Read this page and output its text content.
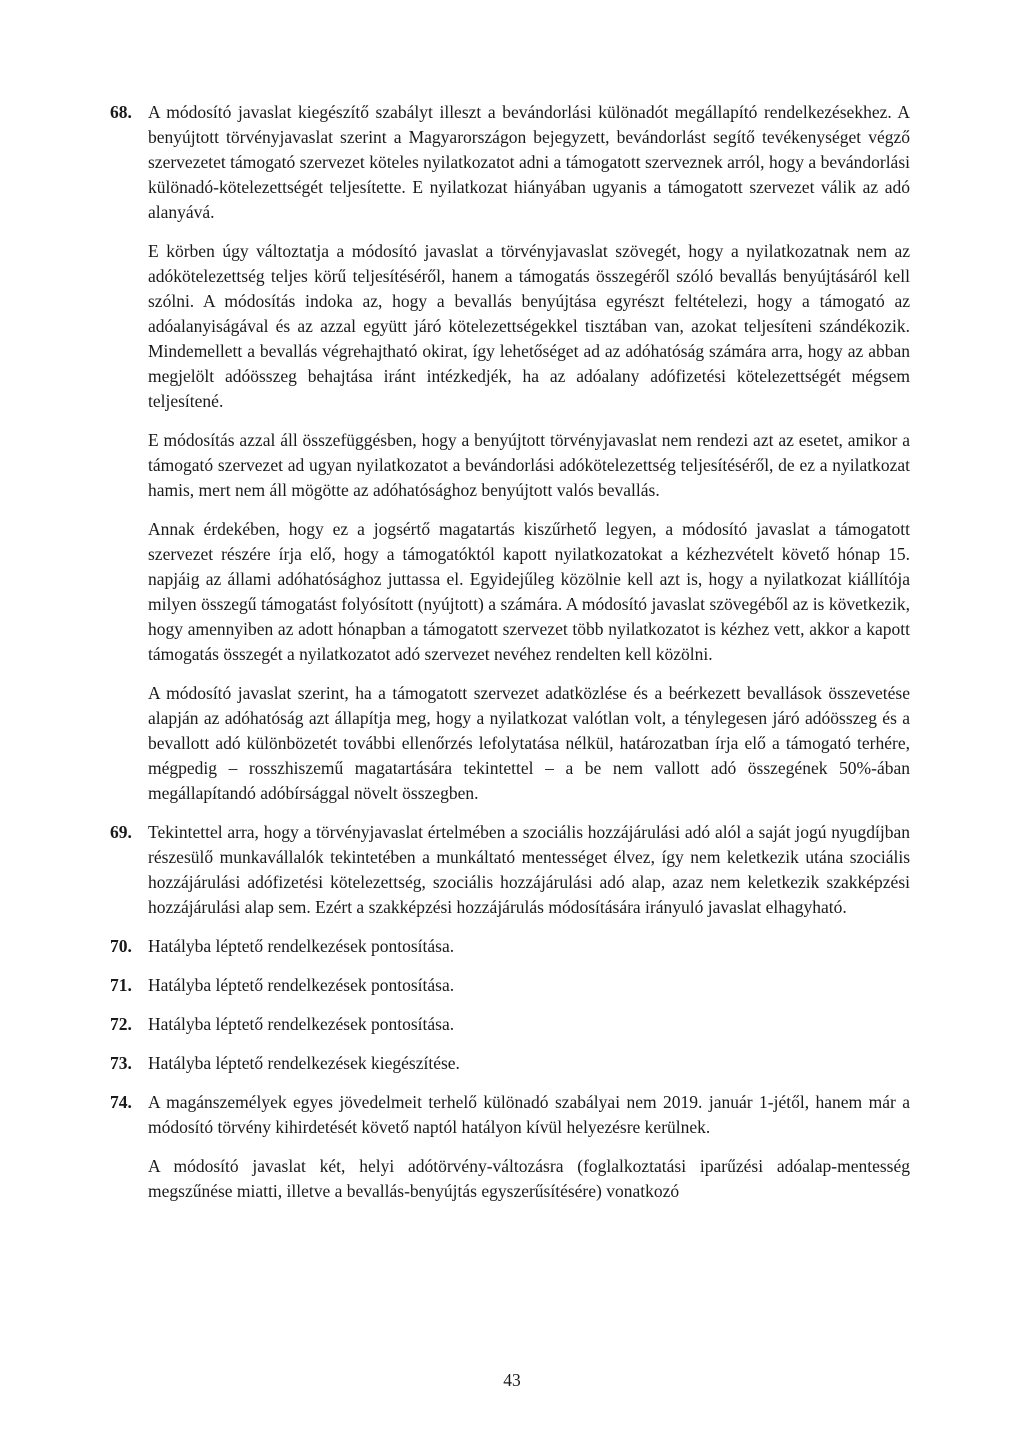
68. A módosító javaslat kiegészítő szabályt illeszt a bevándorlási különadót megállapító rendelkezésekhez. A benyújtott törvényjavaslat szerint a Magyarországon bejegyzett, bevándorlást segítő tevékenységet végző szervezetet támogató szervezet köteles nyilatkozatot adni a támogatott szerveznek arról, hogy a bevándorlási különadó-kötelezettségét teljesítette. E nyilatkozat hiányában ugyanis a támogatott szervezet válik az adó alanyává.

E körben úgy változtatja a módosító javaslat a törvényjavaslat szövegét, hogy a nyilatkozatnak nem az adókötelezettség teljes körű teljesítéséről, hanem a támogatás összegéről szóló bevallás benyújtásáról kell szólni. A módosítás indoka az, hogy a bevallás benyújtása egyrészt feltételezi, hogy a támogató az adóalanyiságával és az azzal együtt járó kötelezettségekkel tisztában van, azokat teljesíteni szándékozik. Mindemellett a bevallás végrehajtható okirat, így lehetőséget ad az adóhatóság számára arra, hogy az abban megjelölt adóösszeg behajtása iránt intézkedjék, ha az adóalany adófizetési kötelezettségét mégsem teljesítené.

E módosítás azzal áll összefüggésben, hogy a benyújtott törvényjavaslat nem rendezi azt az esetet, amikor a támogató szervezet ad ugyan nyilatkozatot a bevándorlási adókötelezettség teljesítéséről, de ez a nyilatkozat hamis, mert nem áll mögötte az adóhatósághoz benyújtott valós bevallás.

Annak érdekében, hogy ez a jogsértő magatartás kiszűrhető legyen, a módosító javaslat a támogatott szervezet részére írja elő, hogy a támogatóktól kapott nyilatkozatokat a kézhezvételt követő hónap 15. napjáig az állami adóhatósághoz juttassa el. Egyidejűleg közölnie kell azt is, hogy a nyilatkozat kiállítója milyen összegű támogatást folyósított (nyújtott) a számára. A módosító javaslat szövegéből az is következik, hogy amennyiben az adott hónapban a támogatott szervezet több nyilatkozatot is kézhez vett, akkor a kapott támogatás összegét a nyilatkozatot adó szervezet nevéhez rendelten kell közölni.

A módosító javaslat szerint, ha a támogatott szervezet adatközlése és a beérkezett bevallások összevetése alapján az adóhatóság azt állapítja meg, hogy a nyilatkozat valótlan volt, a ténylegesen járó adóösszeg és a bevallott adó különbözetét további ellenőrzés lefolytatása nélkül, határozatban írja elő a támogató terhére, mégpedig – rosszhiszemű magatartására tekintettel – a be nem vallott adó összegének 50%-ában megállapítandó adóbírsággal növelt összegben.

69. Tekintettel arra, hogy a törvényjavaslat értelmében a szociális hozzájárulási adó alól a saját jogú nyugdíjban részesülő munkavállalók tekintetében a munkáltató mentességet élvez, így nem keletkezik utána szociális hozzájárulási adófizetési kötelezettség, szociális hozzájárulási adó alap, azaz nem keletkezik szakképzési hozzájárulási alap sem. Ezért a szakképzési hozzájárulás módosítására irányuló javaslat elhagyható.

70. Hatályba léptető rendelkezések pontosítása.

71. Hatályba léptető rendelkezések pontosítása.

72. Hatályba léptető rendelkezések pontosítása.

73. Hatályba léptető rendelkezések kiegészítése.

74. A magánszemélyek egyes jövedelmeit terhelő különadó szabályai nem 2019. január 1-jétől, hanem már a módosító törvény kihirdetését követő naptól hatályon kívül helyezésre kerülnek.

A módosító javaslat két, helyi adótörvény-változásra (foglalkoztatási iparűzési adóalap-mentesség megszűnése miatti, illetve a bevallás-benyújtás egyszerűsítésére) vonatkozó

43
